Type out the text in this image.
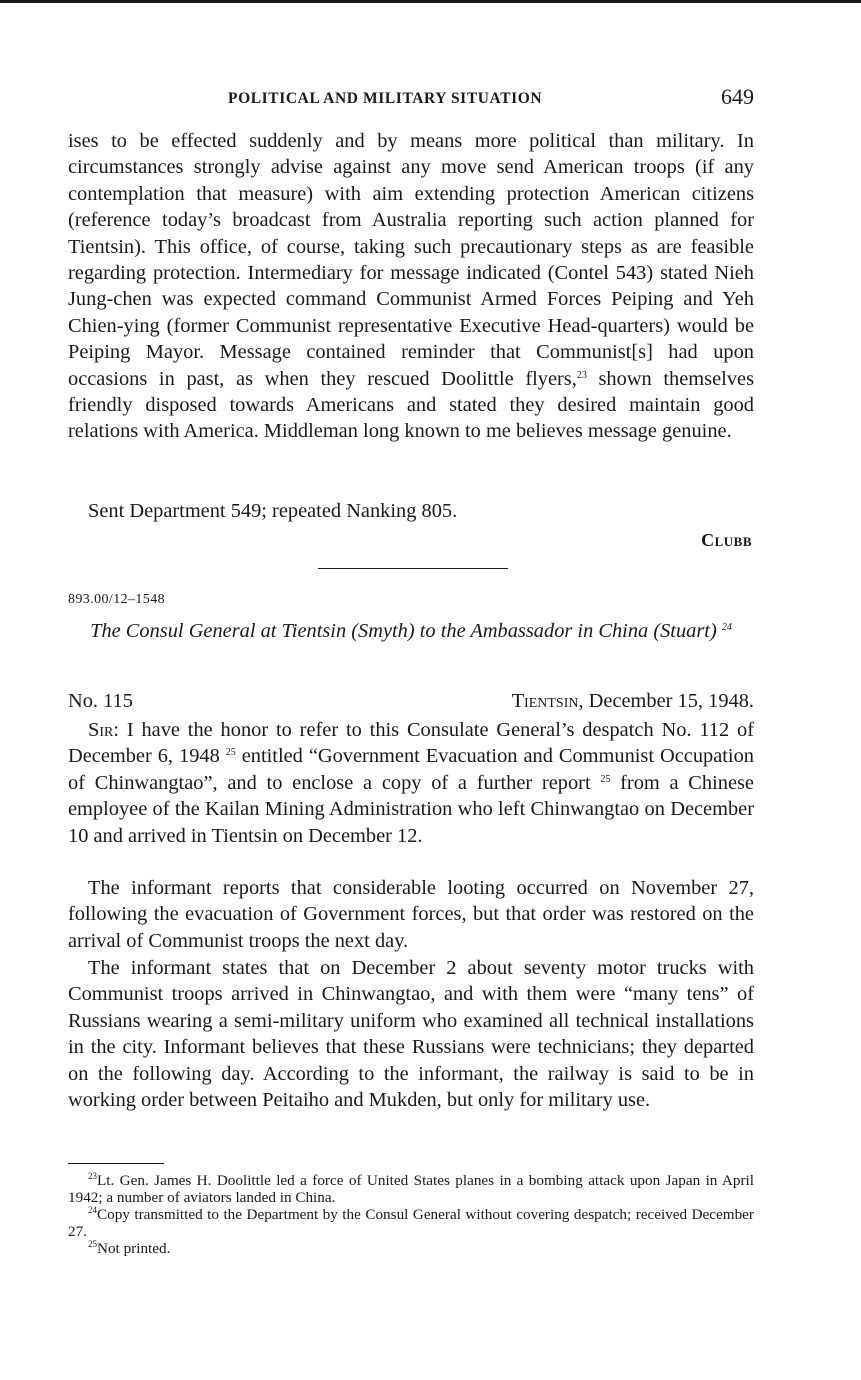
POLITICAL AND MILITARY SITUATION	649
ises to be effected suddenly and by means more political than military. In circumstances strongly advise against any move send American troops (if any contemplation that measure) with aim extending protection American citizens (reference today’s broadcast from Australia reporting such action planned for Tientsin). This office, of course, taking such precautionary steps as are feasible regarding protection. Intermediary for message indicated (Contel 543) stated Nieh Jung-chen was expected command Communist Armed Forces Peiping and Yeh Chien-ying (former Communist representative Executive Head-quarters) would be Peiping Mayor. Message contained reminder that Communist[s] had upon occasions in past, as when they rescued Doolittle flyers,$^{23}$ shown themselves friendly disposed towards Americans and stated they desired maintain good relations with America. Middleman long known to me believes message genuine.
Sent Department 549; repeated Nanking 805.
Clubb
893.00/12–1548
The Consul General at Tientsin (Smyth) to the Ambassador in China (Stuart) $^{24}$
No. 115	Tientsin, December 15, 1948.
Sir: I have the honor to refer to this Consulate General’s despatch No. 112 of December 6, 1948 $^{25}$ entitled “Government Evacuation and Communist Occupation of Chinwangtao”, and to enclose a copy of a further report $^{25}$ from a Chinese employee of the Kailan Mining Administration who left Chinwangtao on December 10 and arrived in Tientsin on December 12.
The informant reports that considerable looting occurred on November 27, following the evacuation of Government forces, but that order was restored on the arrival of Communist troops the next day.
The informant states that on December 2 about seventy motor trucks with Communist troops arrived in Chinwangtao, and with them were “many tens” of Russians wearing a semi-military uniform who examined all technical installations in the city. Informant believes that these Russians were technicians; they departed on the following day. According to the informant, the railway is said to be in working order between Peitaiho and Mukden, but only for military use.
$^{23}$Lt. Gen. James H. Doolittle led a force of United States planes in a bombing attack upon Japan in April 1942; a number of aviators landed in China.
$^{24}$Copy transmitted to the Department by the Consul General without covering despatch; received December 27.
$^{25}$Not printed.
